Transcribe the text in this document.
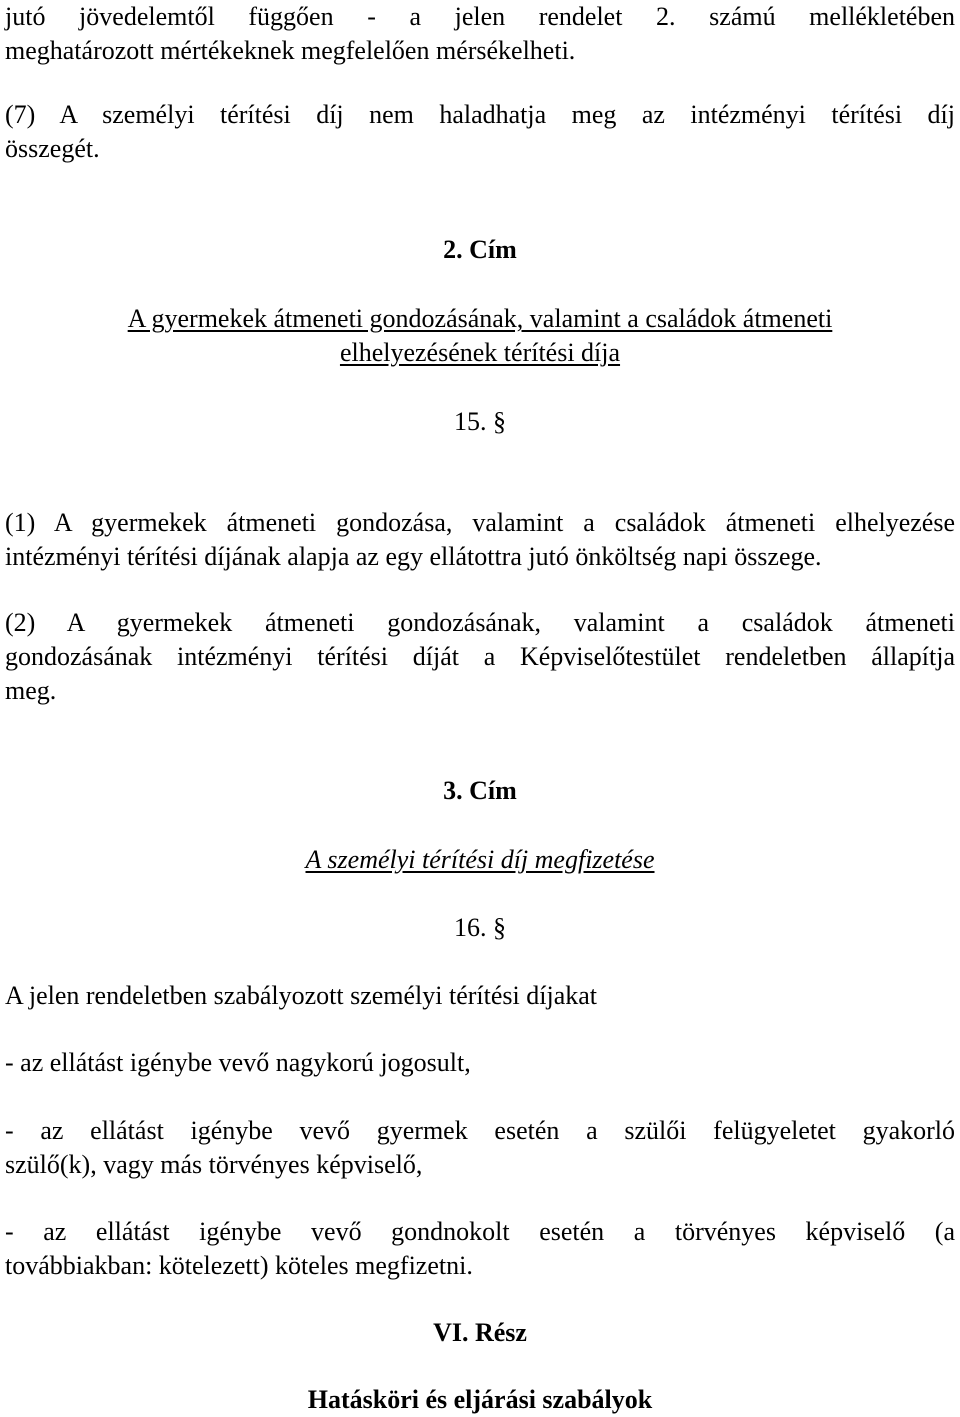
jutó jövedelemtől függően - a jelen rendelet 2. számú mellékletében
meghatározott mértékeknek megfelelően mérsékelheti.
(7) A személyi térítési díj nem haladhatja meg az intézményi térítési díj
összegét.
2. Cím
A gyermekek átmeneti gondozásának, valamint a családok átmeneti
elhelyezésének térítési díja
15. §
(1) A gyermekek átmeneti gondozása, valamint a családok átmeneti elhelyezése
intézményi térítési díjának alapja az egy ellátottra jutó önköltség napi összege.
(2) A gyermekek átmeneti gondozásának, valamint a családok átmeneti
gondozásának intézményi térítési díját a Képviselőtestület rendeletben állapítja
meg.
3. Cím
A személyi térítési díj megfizetése
16. §
A jelen rendeletben szabályozott személyi térítési díjakat
- az ellátást igénybe vevő nagykorú jogosult,
- az ellátást igénybe vevő gyermek esetén a szülői felügyeletet gyakorló
szülő(k), vagy más törvényes képviselő,
- az ellátást igénybe vevő gondnokolt esetén a törvényes képviselő (a
továbbiakban: kötelezett) köteles megfizetni.
VI. Rész
Hatásköri és eljárási szabályok
